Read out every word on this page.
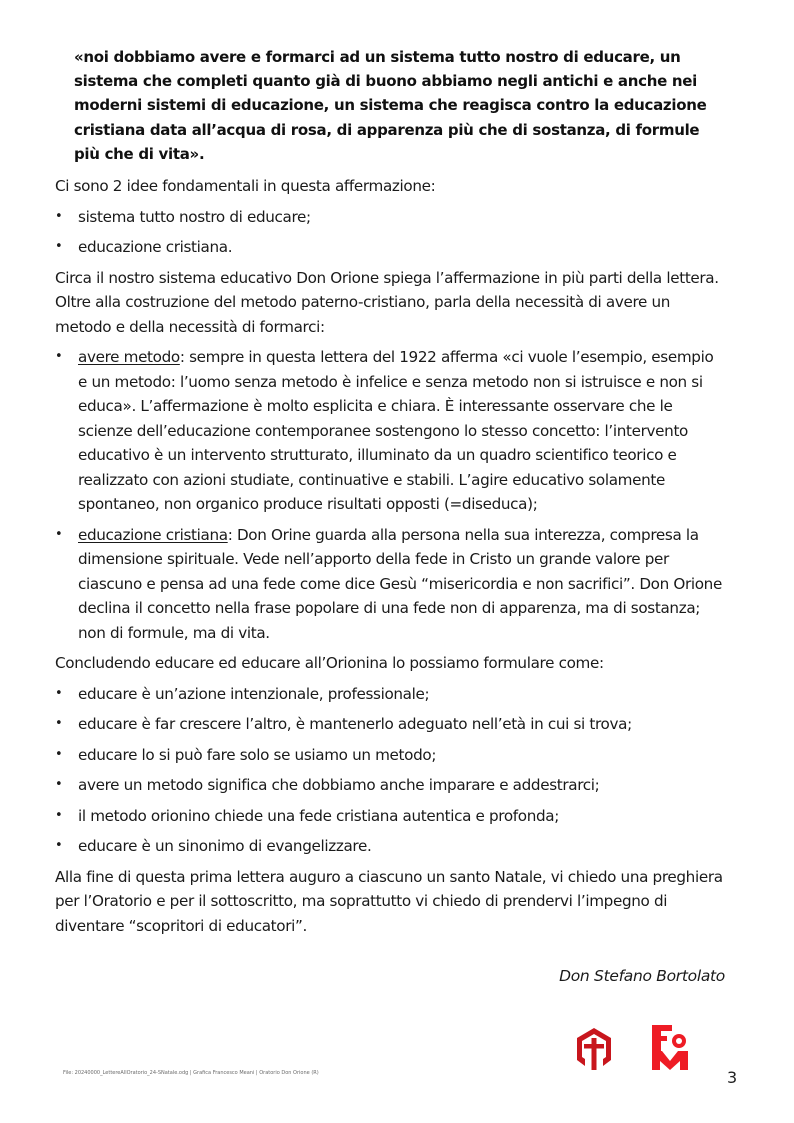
«noi dobbiamo avere e formarci ad un sistema tutto nostro di educare, un sistema che completi quanto già di buono abbiamo negli antichi e anche nei moderni sistemi di educazione, un sistema che reagisca contro la educazione cristiana data all’acqua di rosa, di apparenza più che di sostanza, di formule più che di vita».

Ci sono 2 idee fondamentali in questa affermazione:

• sistema tutto nostro di educare;
• educazione cristiana.

Circa il nostro sistema educativo Don Orione spiega l’affermazione in più parti della lettera. Oltre alla costruzione del metodo paterno-cristiano, parla della necessità di avere un metodo e della necessità di formarci:

• avere metodo: sempre in questa lettera del 1922 afferma «ci vuole l’esempio, esempio e un metodo: l’uomo senza metodo è infelice e senza metodo non si istruisce e non si educa». L’affermazione è molto esplicita e chiara. È interessante osservare che le scienze dell’educazione contemporanee sostengono lo stesso concetto: l’intervento educativo è un intervento strutturato, illuminato da un quadro scientifico teorico e realizzato con azioni studiate, continuative e stabili. L’agire educativo solamente spontaneo, non organico produce risultati opposti (=diseduca);
• educazione cristiana: Don Orine guarda alla persona nella sua interezza, compresa la dimensione spirituale. Vede nell’apporto della fede in Cristo un grande valore per ciascuno e pensa ad una fede come dice Gesù “misericordia e non sacrifici”. Don Orione declina il concetto nella frase popolare di una fede non di apparenza, ma di sostanza; non di formule, ma di vita.

Concludendo educare ed educare all’Orionina lo possiamo formulare come:

• educare è un’azione intenzionale, professionale;
• educare è far crescere l’altro, è mantenerlo adeguato nell’età in cui si trova;
• educare lo si può fare solo se usiamo un metodo;
• avere un metodo significa che dobbiamo anche imparare e addestrarci;
• il metodo orionino chiede una fede cristiana autentica e profonda;
• educare è un sinonimo di evangelizzare.

Alla fine di questa prima lettera auguro a ciascuno un santo Natale, vi chiedo una preghiera per l’Oratorio e per il sottoscritto, ma soprattutto vi chiedo di prendervi l’impegno di diventare “scopritori di educatori”.

Don Stefano Bortolato
File: 20240000_LettereAllOratorio_24-SNatale.odg | Grafica Francesco Meani | Oratorio Don Orione (R)	3
